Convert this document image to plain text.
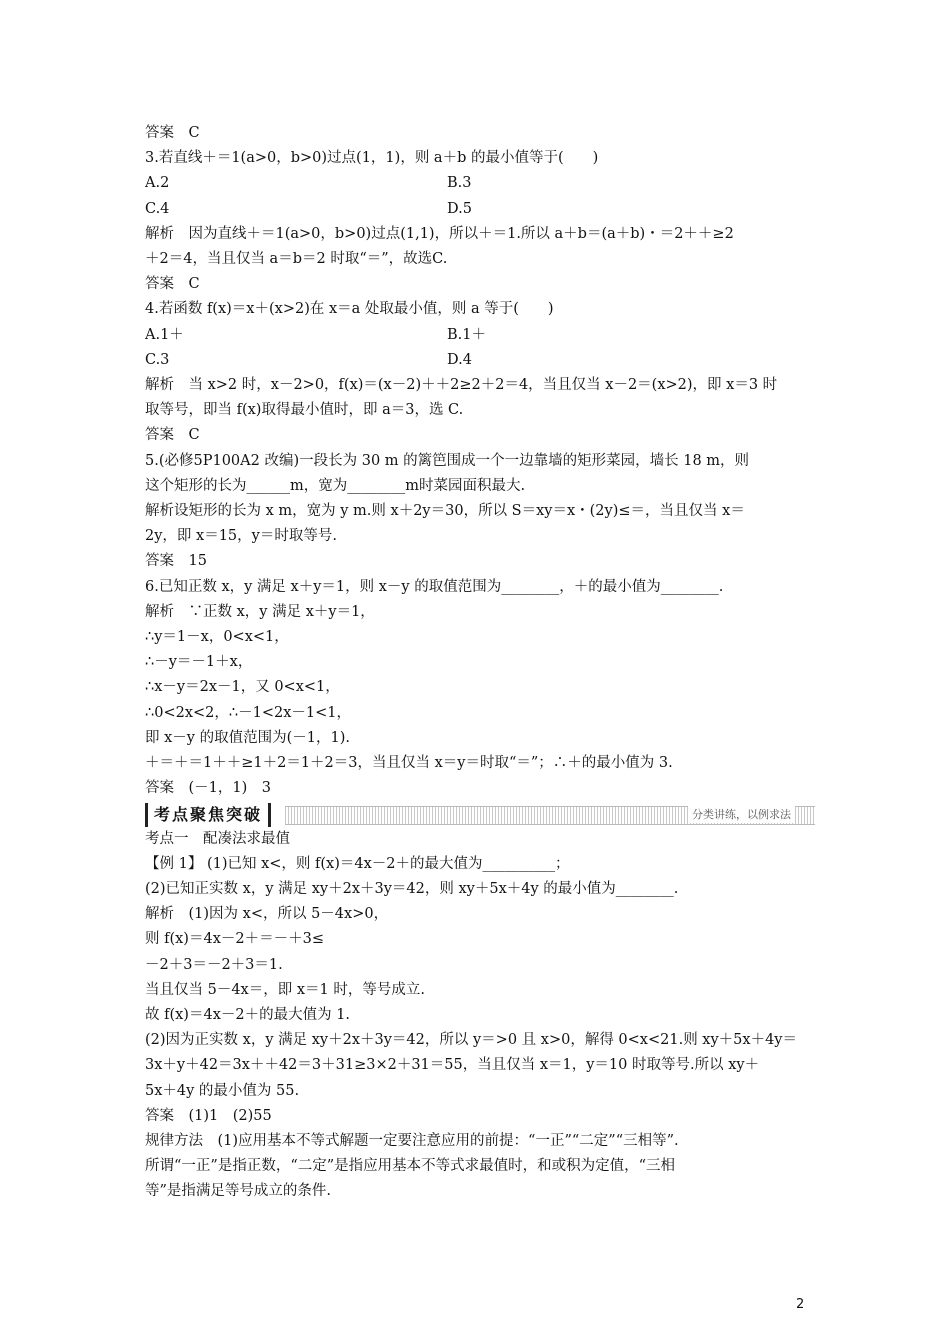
答案　C
3.若直线＋＝1(a>0，b>0)过点(1，1)，则 a＋b 的最小值等于(　　)
A.2	B.3
C.4	D.5
解析　因为直线＋＝1(a>0，b>0)过点(1,1)，所以＋＝1.所以 a＋b＝(a＋b)・＝2＋＋≥2
＋2＝4，当且仅当 a＝b＝2 时取“＝”，故选C.
答案　C
4.若函数 f(x)＝x＋(x>2)在 x＝a 处取最小值，则 a 等于(　　)
A.1＋	B.1＋
C.3	D.4
解析　当 x>2 时，x－2>0，f(x)＝(x－2)＋＋2≥2＋2＝4，当且仅当 x－2＝(x>2)，即 x＝3 时
取等号，即当 f(x)取得最小值时，即 a＝3，选 C.
答案　C
5.(必修5P100A2 改编)一段长为 30 m 的篱笆围成一个一边靠墙的矩形菜园，墙长 18 m，则
这个矩形的长为______m，宽为________m时菜园面积最大.
解析设矩形的长为 x m，宽为 y m.则 x＋2y＝30，所以 S＝xy＝x・(2y)≤＝，当且仅当 x＝
2y，即 x＝15，y＝时取等号.
答案　15
6.已知正数 x，y 满足 x＋y＝1，则 x－y 的取值范围为________，＋的最小值为________.
解析　∵正数 x，y 满足 x＋y＝1，
∴y＝1－x，0<x<1，
∴－y＝－1＋x，
∴x－y＝2x－1，又 0<x<1，
∴0<2x<2，∴－1<2x－1<1，
即 x－y 的取值范围为(－1，1).
＋＝＋＝1＋＋≥1＋2＝1＋2＝3，当且仅当 x＝y＝时取“＝”；∴＋的最小值为 3.
答案　(－1，1)　3
考点一　配凑法求最值
【例 1】 (1)已知 x<，则 f(x)＝4x－2＋的最大值为__________；
(2)已知正实数 x，y 满足 xy＋2x＋3y＝42，则 xy＋5x＋4y 的最小值为________.
解析　(1)因为 x<，所以 5－4x>0，
则 f(x)＝4x－2＋＝－＋3≤
－2＋3＝－2＋3＝1.
当且仅当 5－4x＝，即 x＝1 时，等号成立.
故 f(x)＝4x－2＋的最大值为 1.
(2)因为正实数 x，y 满足 xy＋2x＋3y＝42，所以 y＝>0 且 x>0，解得 0<x<21.则 xy＋5x＋4y＝
3x＋y＋42＝3x＋＋42＝3＋31≥3×2＋31＝55，当且仅当 x＝1，y＝10 时取等号.所以 xy＋
5x＋4y 的最小值为 55.
答案　(1)1　(2)55
规律方法　(1)应用基本不等式解题一定要注意应用的前提：“一正”“二定”“三相等”.
所谓“一正”是指正数，“二定”是指应用基本不等式求最值时，和或积为定值，“三相
等”是指满足等号成立的条件.
考点聚焦突破	分类讲练，以例求法
2
